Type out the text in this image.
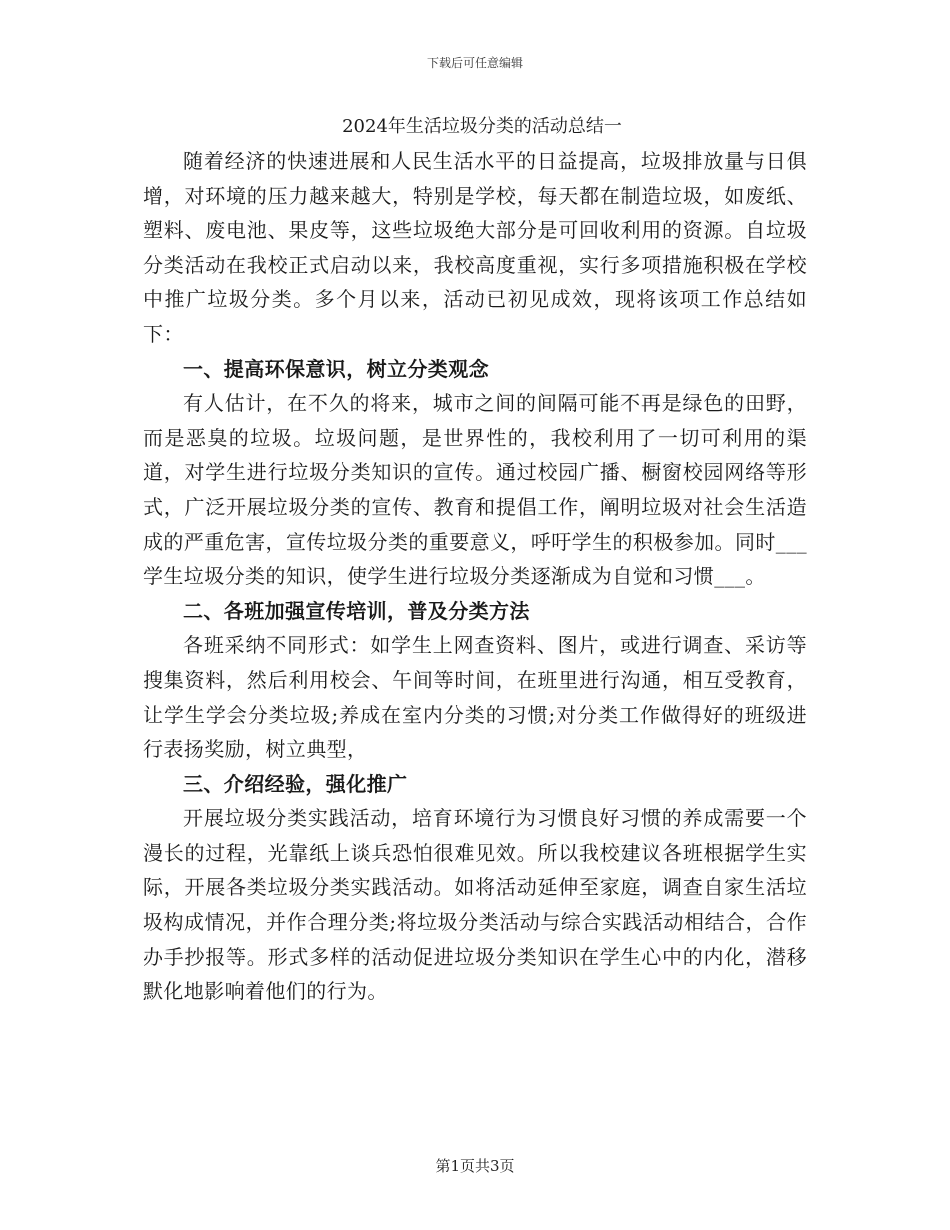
下载后可任意编辑
2024年生活垃圾分类的活动总结一

随着经济的快速进展和人民生活水平的日益提高，垃圾排放量与日俱增，对环境的压力越来越大，特别是学校，每天都在制造垃圾，如废纸、塑料、废电池、果皮等，这些垃圾绝大部分是可回收利用的资源。自垃圾分类活动在我校正式启动以来，我校高度重视，实行多项措施积极在学校中推广垃圾分类。多个月以来，活动已初见成效，现将该项工作总结如下：

一、提高环保意识，树立分类观念

有人估计，在不久的将来，城市之间的间隔可能不再是绿色的田野，而是恶臭的垃圾。垃圾问题，是世界性的，我校利用了一切可利用的渠道，对学生进行垃圾分类知识的宣传。通过校园广播、橱窗校园网络等形式，广泛开展垃圾分类的宣传、教育和提倡工作，阐明垃圾对社会生活造成的严重危害，宣传垃圾分类的重要意义，呼吁学生的积极参加。同时___学生垃圾分类的知识，使学生进行垃圾分类逐渐成为自觉和习惯___。

二、各班加强宣传培训，普及分类方法

各班采纳不同形式：如学生上网查资料、图片，或进行调查、采访等搜集资料，然后利用校会、午间等时间，在班里进行沟通，相互受教育，让学生学会分类垃圾;养成在室内分类的习惯;对分类工作做得好的班级进行表扬奖励，树立典型，

三、介绍经验，强化推广

开展垃圾分类实践活动，培育环境行为习惯良好习惯的养成需要一个漫长的过程，光靠纸上谈兵恐怕很难见效。所以我校建议各班根据学生实际，开展各类垃圾分类实践活动。如将活动延伸至家庭，调查自家生活垃圾构成情况，并作合理分类;将垃圾分类活动与综合实践活动相结合，合作办手抄报等。形式多样的活动促进垃圾分类知识在学生心中的内化，潜移默化地影响着他们的行为。

第1页共3页
